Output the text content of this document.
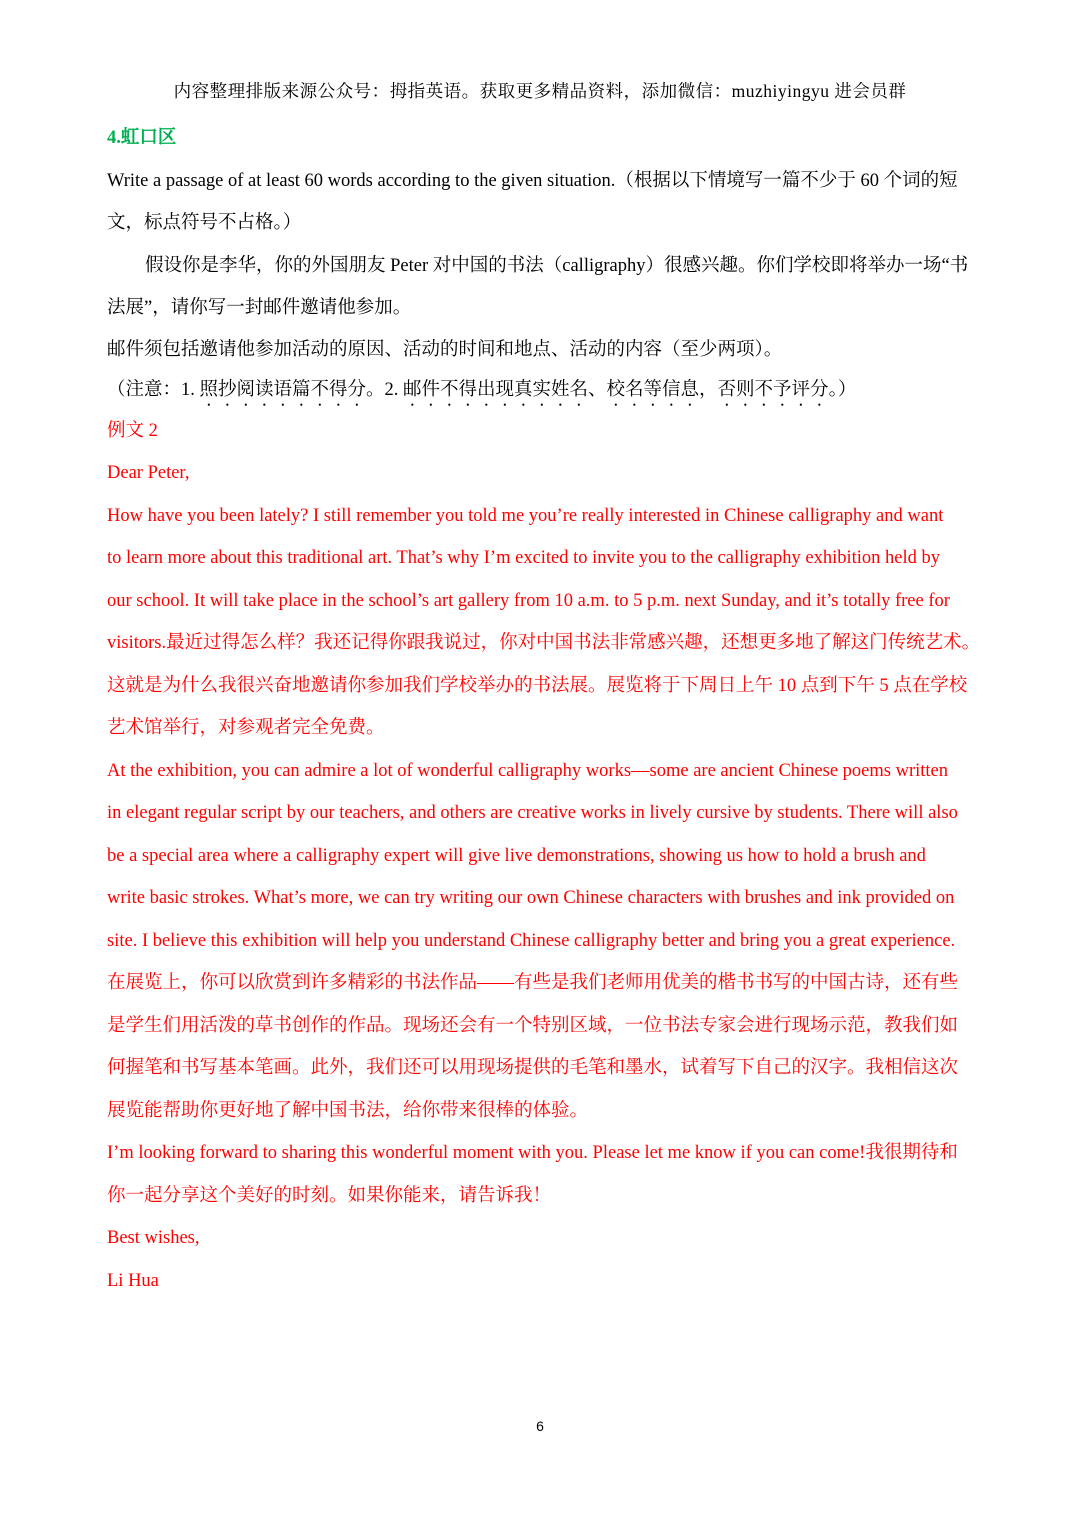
内容整理排版来源公众号：拇指英语。获取更多精品资料，添加微信：muzhiyingyu 进会员群
4.虹口区
Write a passage of at least 60 words according to the given situation.（根据以下情境写一篇不少于 60 个词的短
文，标点符号不占格。）
假设你是李华，你的外国朋友 Peter 对中国的书法（calligraphy）很感兴趣。你们学校即将举办一场“书
法展”，请你写一封邮件邀请他参加。
邮件须包括邀请他参加活动的原因、活动的时间和地点、活动的内容（至少两项）。
（注意：1. 照抄阅读语篇不得分。2. 邮件不得出现真实姓名、校名等信息，否则不予评分。）
例文 2
Dear Peter,
How have you been lately? I still remember you told me you’re really interested in Chinese calligraphy and want
to learn more about this traditional art. That’s why I’m excited to invite you to the calligraphy exhibition held by
our school. It will take place in the school’s art gallery from 10 a.m. to 5 p.m. next Sunday, and it’s totally free for
visitors.最近过得怎么样？我还记得你跟我说过，你对中国书法非常感兴趣，还想更多地了解这门传统艺术。
这就是为什么我很兴奋地邀请你参加我们学校举办的书法展。展览将于下周日上午 10 点到下午 5 点在学校
艺术馆举行，对参观者完全免费。
At the exhibition, you can admire a lot of wonderful calligraphy works—some are ancient Chinese poems written
in elegant regular script by our teachers, and others are creative works in lively cursive by students. There will also
be a special area where a calligraphy expert will give live demonstrations, showing us how to hold a brush and
write basic strokes. What’s more, we can try writing our own Chinese characters with brushes and ink provided on
site. I believe this exhibition will help you understand Chinese calligraphy better and bring you a great experience.
在展览上，你可以欣赏到许多精彩的书法作品——有些是我们老师用优美的楷书书写的中国古诗，还有些
是学生们用活泼的草书创作的作品。现场还会有一个特别区域，一位书法专家会进行现场示范，教我们如
何握笔和书写基本笔画。此外，我们还可以用现场提供的毛笔和墨水，试着写下自己的汉字。我相信这次
展览能帮助你更好地了解中国书法，给你带来很棒的体验。
I’m looking forward to sharing this wonderful moment with you. Please let me know if you can come!我很期待和
你一起分享这个美好的时刻。如果你能来，请告诉我！
Best wishes,
Li Hua
6
